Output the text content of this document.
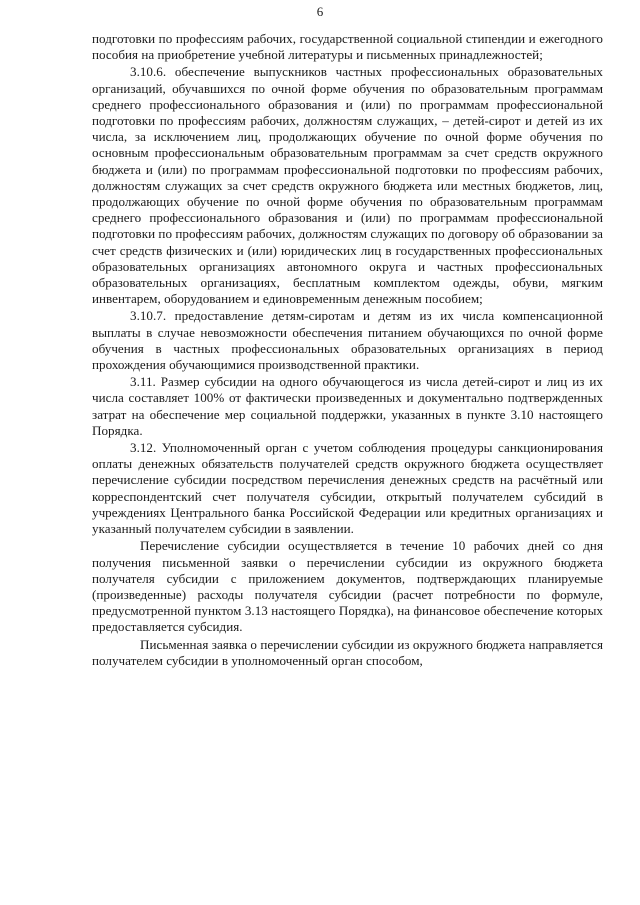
6

подготовки по профессиям рабочих, государственной социальной стипендии и ежегодного пособия на приобретение учебной литературы и письменных принадлежностей;

3.10.6. обеспечение выпускников частных профессиональных образовательных организаций, обучавшихся по очной форме обучения по образовательным программам среднего профессионального образования и (или) по программам профессиональной подготовки по профессиям рабочих, должностям служащих, – детей-сирот и детей из их числа, за исключением лиц, продолжающих обучение по очной форме обучения по основным профессиональным образовательным программам за счет средств окружного бюджета и (или) по программам профессиональной подготовки по профессиям рабочих, должностям служащих за счет средств окружного бюджета или местных бюджетов, лиц, продолжающих обучение по очной форме обучения по образовательным программам среднего профессионального образования и (или) по программам профессиональной подготовки по профессиям рабочих, должностям служащих по договору об образовании за счет средств физических и (или) юридических лиц в государственных профессиональных образовательных организациях автономного округа и частных профессиональных образовательных организациях, бесплатным комплектом одежды, обуви, мягким инвентарем, оборудованием и единовременным денежным пособием;

3.10.7. предоставление детям-сиротам и детям из их числа компенсационной выплаты в случае невозможности обеспечения питанием обучающихся по очной форме обучения в частных профессиональных образовательных организациях в период прохождения обучающимися производственной практики.

3.11. Размер субсидии на одного обучающегося из числа детей-сирот и лиц из их числа составляет 100% от фактически произведенных и документально подтвержденных затрат на обеспечение мер социальной поддержки, указанных в пункте 3.10 настоящего Порядка.

3.12. Уполномоченный орган с учетом соблюдения процедуры санкционирования оплаты денежных обязательств получателей средств окружного бюджета осуществляет перечисление субсидии посредством перечисления денежных средств на расчётный или корреспондентский счет получателя субсидии, открытый получателем субсидий в учреждениях Центрального банка Российской Федерации или кредитных организациях и указанный получателем субсидии в заявлении.

Перечисление субсидии осуществляется в течение 10 рабочих дней со дня получения письменной заявки о перечислении субсидии из окружного бюджета получателя субсидии с приложением документов, подтверждающих планируемые (произведенные) расходы получателя субсидии (расчет потребности по формуле, предусмотренной пунктом 3.13 настоящего Порядка), на финансовое обеспечение которых предоставляется субсидия.

Письменная заявка о перечислении субсидии из окружного бюджета направляется получателем субсидии в уполномоченный орган способом,
